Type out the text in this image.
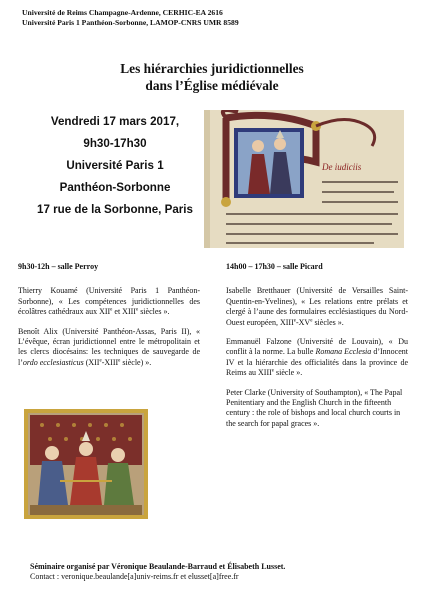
Université de Reims Champagne-Ardenne, CERHIC-EA 2616
Université Paris 1 Panthéon-Sorbonne, LAMOP-CNRS UMR 8589
Les hiérarchies juridictionnelles
dans l’Église médiévale
Vendredi 17 mars 2017,
9h30-17h30
Université Paris 1
Panthéon-Sorbonne
17 rue de la Sorbonne, Paris
De iudiciis
9h30-12h – salle Perroy
Thierry Kouamé (Université Paris 1 Panthéon-Sorbonne), « Les compétences juridictionnelles des écolâtres cathédraux aux XIIe et XIIIe siècles ».
Benoît Alix (Université Panthéon-Assas, Paris II), « L’évêque, écran juridictionnel entre le métropolitain et les clercs diocésains: les techniques de sauvegarde de l’ordo ecclesiasticus (XIIe-XIIIe siècle) ».
14h00 – 17h30 – salle Picard
Isabelle Bretthauer (Université de Versailles Saint-Quentin-en-Yvelines), « Les relations entre prélats et clergé à l’aune des formulaires ecclésiastiques du Nord-Ouest européen, XIIIe-XVe siècles ».
Emmanuël Falzone (Université de Louvain), « Du conflit à la norme. La bulle Romana Ecclesia d’Innocent IV et la hiérarchie des officialités dans la province de Reims au XIIIe siècle ».
Peter Clarke (University of Southampton), « The Papal Penitentiary and the English Church in the fifteenth century : the role of bishops and local church courts in the search for papal graces ».
Séminaire organisé par Véronique Beaulande-Barraud et Élisabeth Lusset.
Contact : veronique.beaulande[a]univ-reims.fr et elusset[a]free.fr
